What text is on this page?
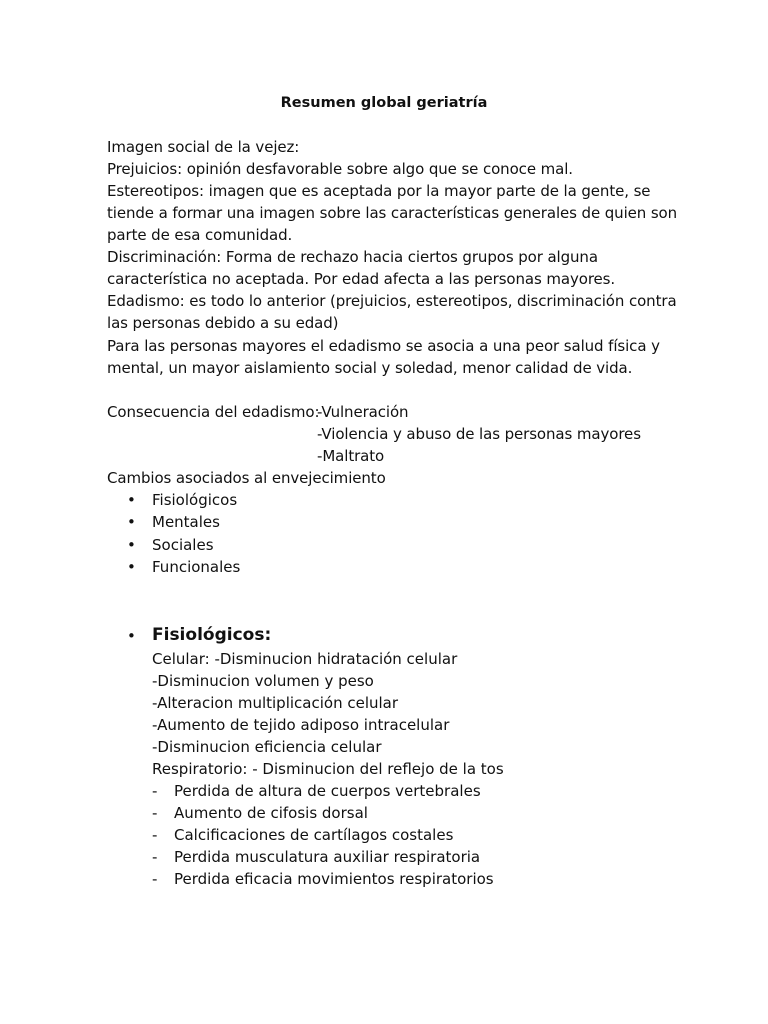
Resumen global geriatría
Imagen social de la vejez:
Prejuicios: opinión desfavorable sobre algo que se conoce mal.
Estereotipos: imagen que es aceptada por la mayor parte de la gente, se
tiende a formar una imagen sobre las características generales de quien son
parte de esa comunidad.
Discriminación: Forma de rechazo hacia ciertos grupos por alguna
característica no aceptada. Por edad afecta a las personas mayores.
Edadismo: es todo lo anterior (prejuicios, estereotipos, discriminación contra
las personas debido a su edad)
Para las personas mayores el edadismo se asocia a una peor salud física y
mental, un mayor aislamiento social y soledad, menor calidad de vida.
Consecuencia del edadismo:
-Vulneración
-Violencia y abuso de las personas mayores
-Maltrato
Cambios asociados al envejecimiento
• Fisiológicos
• Mentales
• Sociales
• Funcionales
• Fisiológicos:
Celular: -Disminucion hidratación celular
-Disminucion volumen y peso
-Alteracion multiplicación celular
-Aumento de tejido adiposo intracelular
-Disminucion eficiencia celular
Respiratorio: - Disminucion del reflejo de la tos
- Perdida de altura de cuerpos vertebrales
- Aumento de cifosis dorsal
- Calcificaciones de cartílagos costales
- Perdida musculatura auxiliar respiratoria
- Perdida eficacia movimientos respiratorios
